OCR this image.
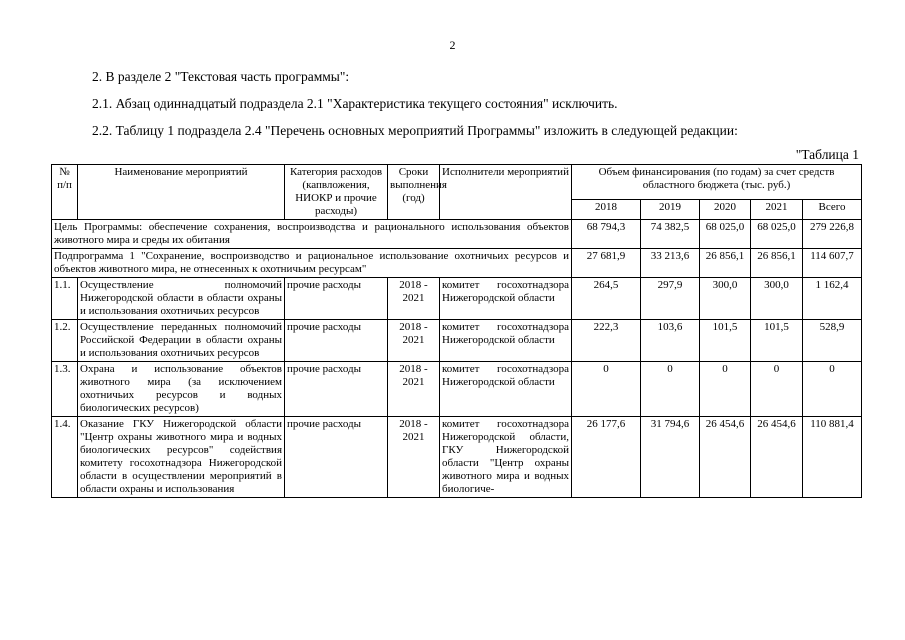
2
2. В разделе 2 "Текстовая часть программы":
2.1. Абзац одиннадцатый подраздела 2.1 "Характеристика текущего состояния" исключить.
2.2. Таблицу 1 подраздела 2.4 "Перечень основных мероприятий Программы" изложить в следующей редакции:
"Таблица 1
№ п/п	Наименование мероприятий	Категория расходов (капвложения, НИОКР и прочие расходы)	Сроки выполнения (год)	Исполнители мероприятий	Объем финансирования (по годам) за счет средств областного бюджета (тыс. руб.)				
					2018	2019	2020	2021	Всего
Цель Программы: обеспечение сохранения, воспроизводства и рационального использования объектов животного мира и среды их обитания					68 794,3	74 382,5	68 025,0	68 025,0	279 226,8
Подпрограмма 1 "Сохранение, воспроизводство и рациональное использование охотничьих ресурсов и объектов животного мира, не отнесенных к охотничьим ресурсам"					27 681,9	33 213,6	26 856,1	26 856,1	114 607,7
1.1.	Осуществление полномочий Нижегородской области в области охраны и использования охотничьих ресурсов	прочие расходы	2018 - 2021	комитет госохотнадзора Нижегородской области	264,5	297,9	300,0	300,0	1 162,4
1.2.	Осуществление переданных полномочий Российской Федерации в области охраны и использования охотничьих ресурсов	прочие расходы	2018 - 2021	комитет госохотнадзора Нижегородской области	222,3	103,6	101,5	101,5	528,9
1.3.	Охрана и использование объектов животного мира (за исключением охотничьих ресурсов и водных биологических ресурсов)	прочие расходы	2018 - 2021	комитет госохотнадзора Нижегородской области	0	0	0	0	0
1.4.	Оказание ГКУ Нижегородской области "Центр охраны животного мира и водных биологических ресурсов" содействия комитету госохотнадзора Нижегородской области в осуществлении мероприятий в области охраны и использования	прочие расходы	2018 - 2021	комитет госохотнадзора Нижегородской области, ГКУ Нижегородской области "Центр охраны животного мира и водных биологиче-	26 177,6	31 794,6	26 454,6	26 454,6	110 881,4
